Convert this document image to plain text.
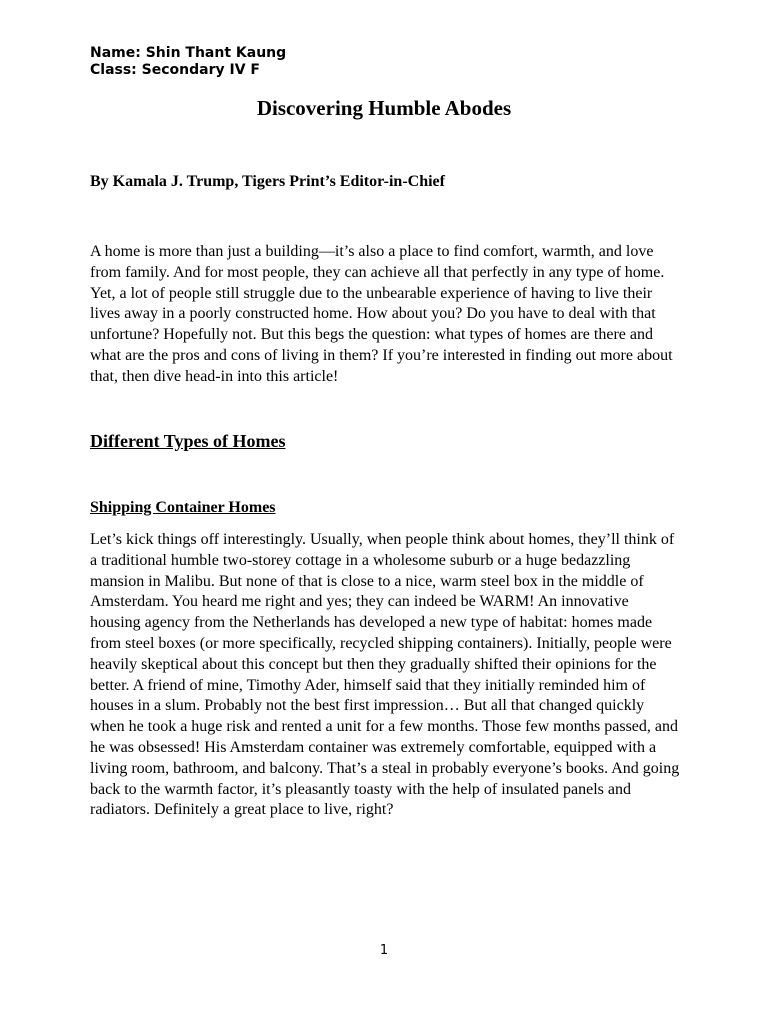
Name: Shin Thant Kaung
Class: Secondary IV F
Discovering Humble Abodes
By Kamala J. Trump, Tigers Print’s Editor-in-Chief

A home is more than just a building—it’s also a place to find comfort, warmth, and love from family. And for most people, they can achieve all that perfectly in any type of home. Yet, a lot of people still struggle due to the unbearable experience of having to live their lives away in a poorly constructed home. How about you? Do you have to deal with that unfortune? Hopefully not. But this begs the question: what types of homes are there and what are the pros and cons of living in them? If you’re interested in finding out more about that, then dive head-in into this article!

Different Types of Homes
Shipping Container Homes

Let’s kick things off interestingly. Usually, when people think about homes, they’ll think of a traditional humble two-storey cottage in a wholesome suburb or a huge bedazzling mansion in Malibu. But none of that is close to a nice, warm steel box in the middle of Amsterdam. You heard me right and yes; they can indeed be WARM! An innovative housing agency from the Netherlands has developed a new type of habitat: homes made from steel boxes (or more specifically, recycled shipping containers). Initially, people were heavily skeptical about this concept but then they gradually shifted their opinions for the better. A friend of mine, Timothy Ader, himself said that they initially reminded him of houses in a slum. Probably not the best first impression… But all that changed quickly when he took a huge risk and rented a unit for a few months. Those few months passed, and he was obsessed! His Amsterdam container was extremely comfortable, equipped with a living room, bathroom, and balcony. That’s a steal in probably everyone’s books. And going back to the warmth factor, it’s pleasantly toasty with the help of insulated panels and radiators. Definitely a great place to live, right?

1
